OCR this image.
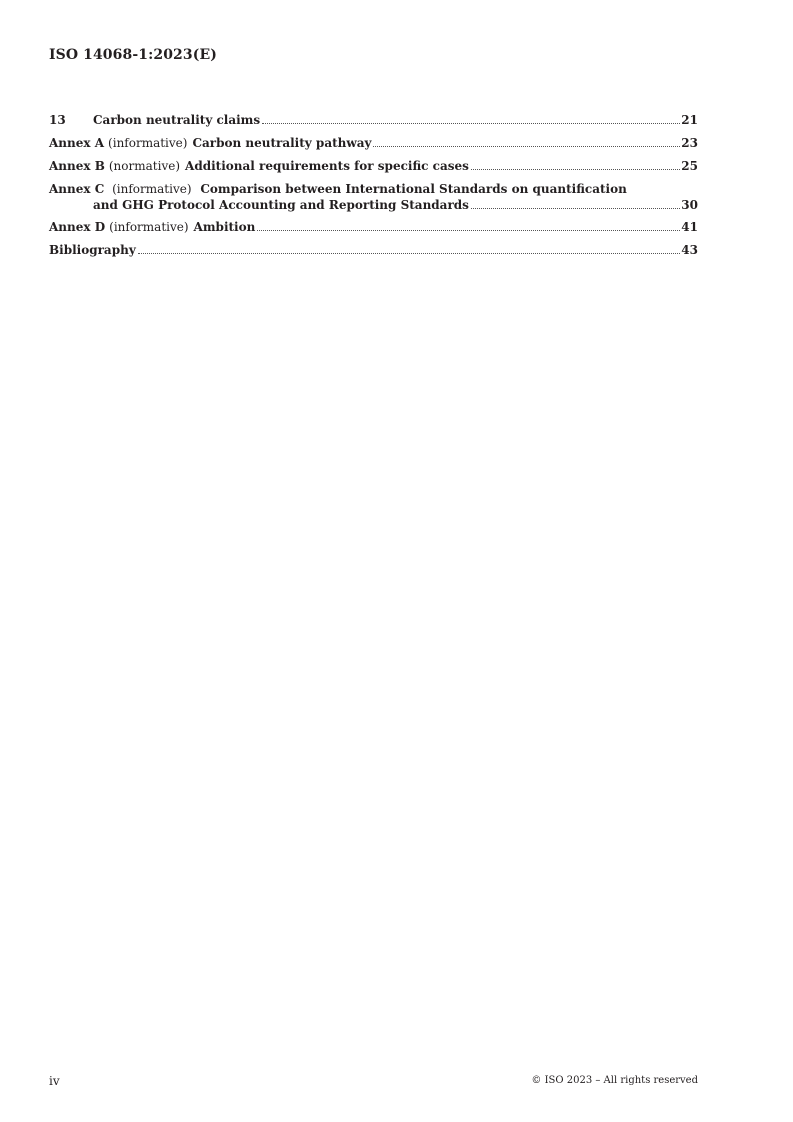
ISO 14068-1:2023(E)
13	Carbon neutrality claims	21
Annex A (informative) Carbon neutrality pathway	23
Annex B (normative) Additional requirements for specific cases	25
Annex C (informative) Comparison between International Standards on quantification
and GHG Protocol Accounting and Reporting Standards	30
Annex D (informative) Ambition	41
Bibliography	43
iv	© ISO 2023 – All rights reserved
